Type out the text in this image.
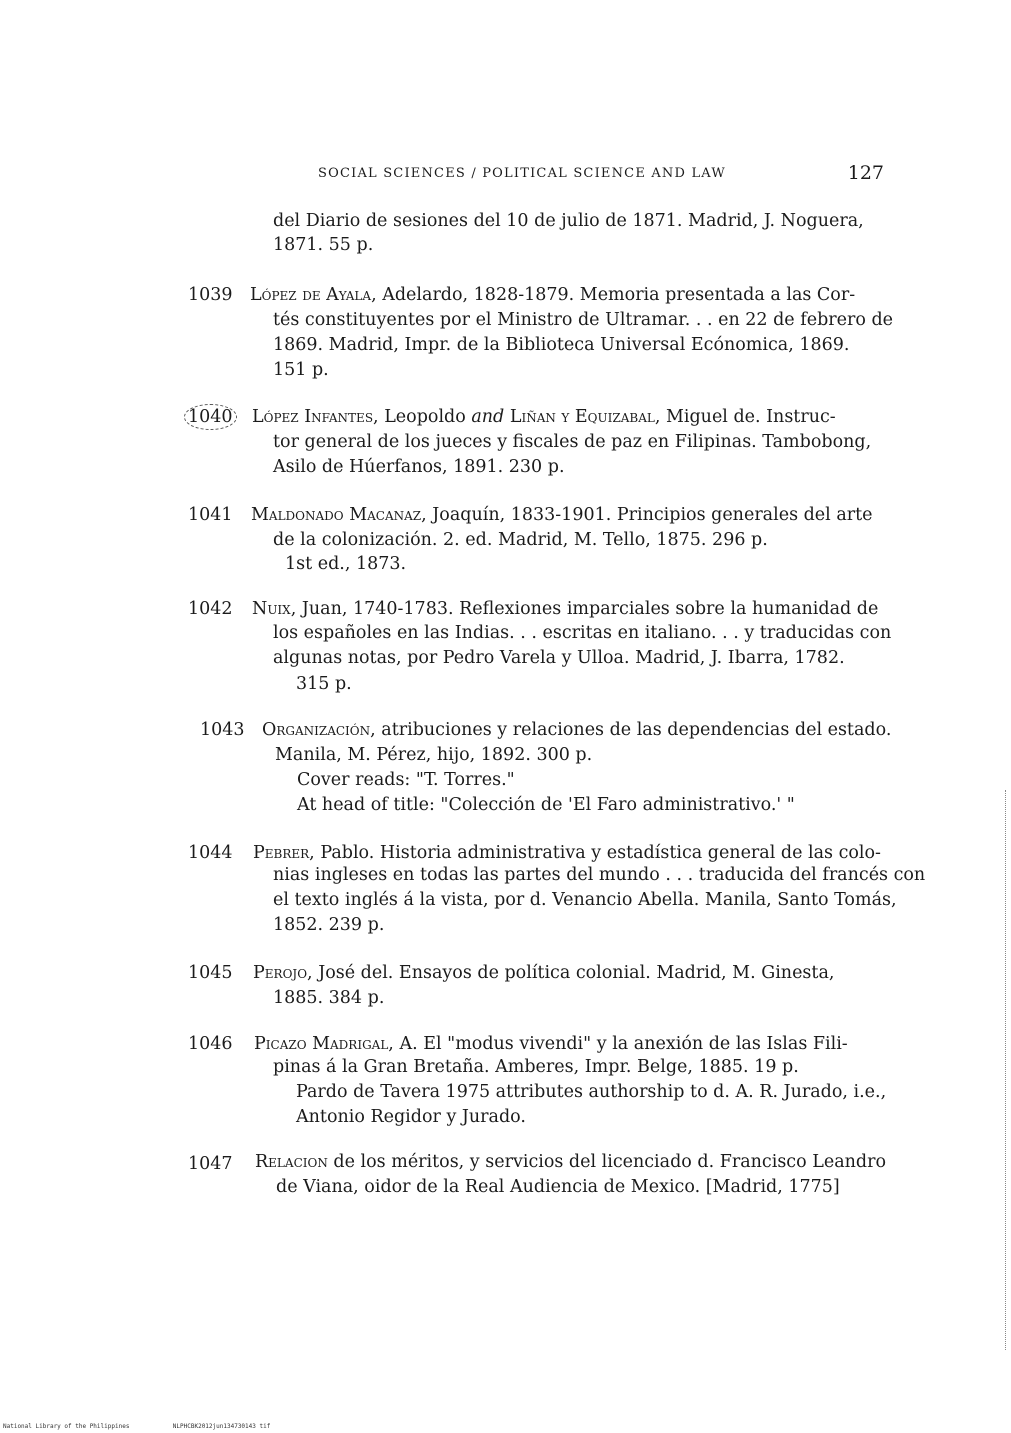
SOCIAL SCIENCES / POLITICAL SCIENCE AND LAW	127
del Diario de sesiones del 10 de julio de 1871. Madrid, J. Noguera,
1871. 55 p.
1039 López de Ayala, Adelardo, 1828-1879. Memoria presentada a las Cor-
tés constituyentes por el Ministro de Ultramar. . . en 22 de febrero de
1869. Madrid, Impr. de la Biblioteca Universal Ecónomica, 1869.
151 p.
1040 López Infantes, Leopoldo and Liñan y Equizabal, Miguel de. Instruc-
tor general de los jueces y fiscales de paz en Filipinas. Tambobong,
Asilo de Húerfanos, 1891. 230 p.
1041 Maldonado Macanaz, Joaquín, 1833-1901. Principios generales del arte
de la colonización. 2. ed. Madrid, M. Tello, 1875. 296 p.
1st ed., 1873.
1042 Nuix, Juan, 1740-1783. Reflexiones imparciales sobre la humanidad de
los españoles en las Indias. . . escritas en italiano. . . y traducidas con
algunas notas, por Pedro Varela y Ulloa. Madrid, J. Ibarra, 1782.
315 p.
1043 Organización, atribuciones y relaciones de las dependencias del estado.
Manila, M. Pérez, hijo, 1892. 300 p.
Cover reads: "T. Torres."
At head of title: "Colección de 'El Faro administrativo.' "
1044 Pebrer, Pablo. Historia administrativa y estadística general de las colo-
nias ingleses en todas las partes del mundo . . . traducida del francés con
el texto inglés á la vista, por d. Venancio Abella. Manila, Santo Tomás,
1852. 239 p.
1045 Perojo, José del. Ensayos de política colonial. Madrid, M. Ginesta,
1885. 384 p.
1046 Picazo Madrigal, A. El "modus vivendi" y la anexión de las Islas Fili-
pinas á la Gran Bretaña. Amberes, Impr. Belge, 1885. 19 p.
Pardo de Tavera 1975 attributes authorship to d. A. R. Jurado, i.e.,
Antonio Regidor y Jurado.
1047 Relacion de los méritos, y servicios del licenciado d. Francisco Leandro
de Viana, oidor de la Real Audiencia de Mexico. [Madrid, 1775]
National Library of the Philippines	NLPHCBK2012jun134730143 tif
